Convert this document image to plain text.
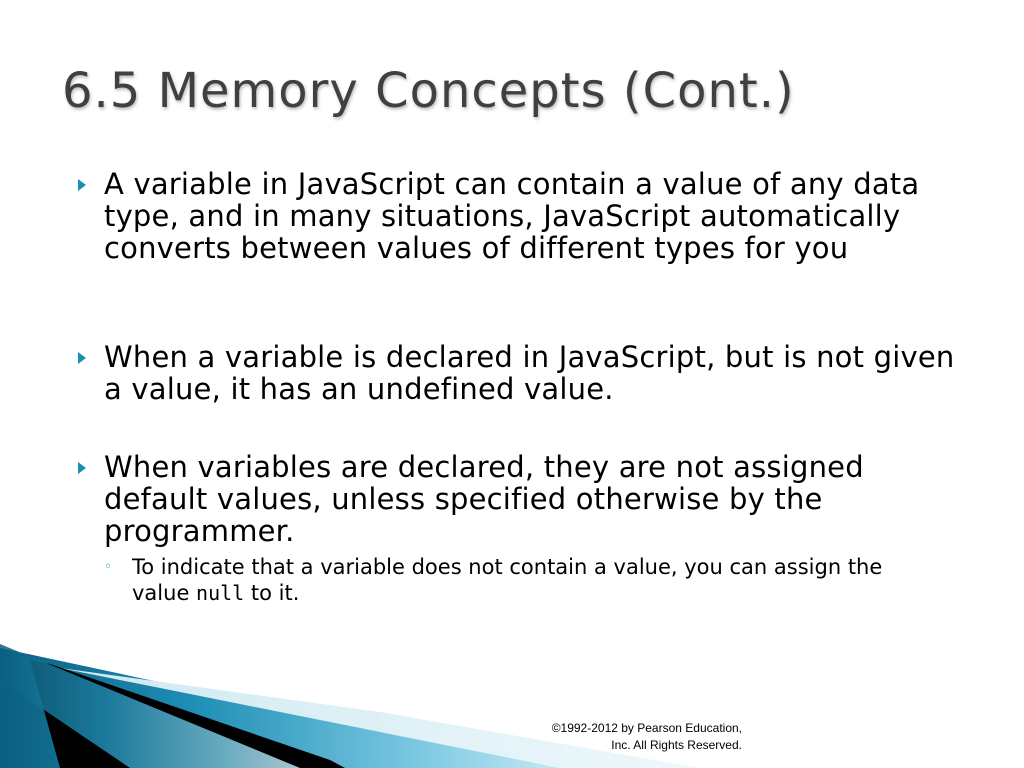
6.5 Memory Concepts (Cont.)

A variable in JavaScript can contain a value of any data type, and in many situations, JavaScript automatically converts between values of different types for you

When a variable is declared in JavaScript, but is not given a value, it has an undefined value.

When variables are declared, they are not assigned default values, unless specified otherwise by the programmer.

◦ To indicate that a variable does not contain a value, you can assign the value null to it.

©1992-2012 by Pearson Education,
Inc. All Rights Reserved.
